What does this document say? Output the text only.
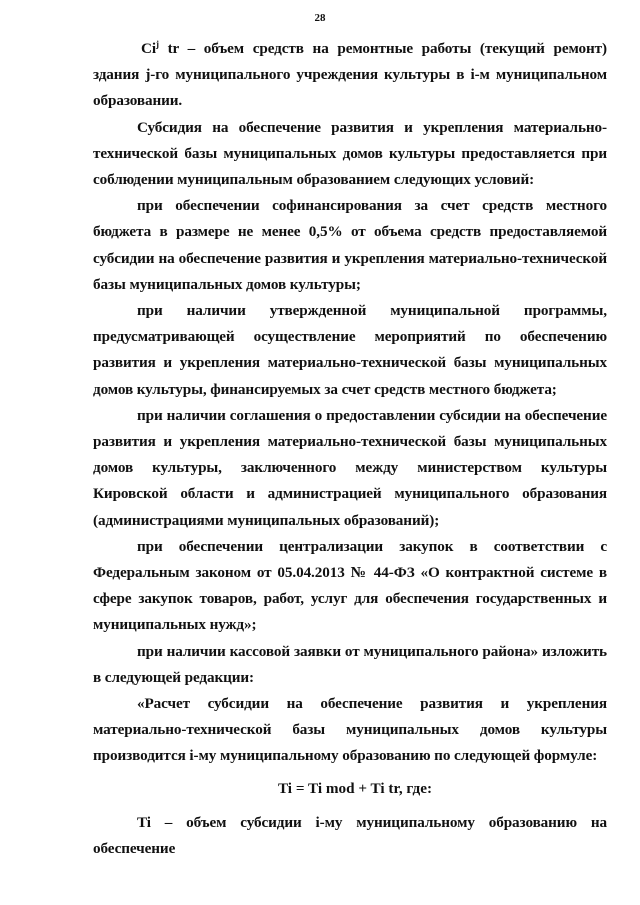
28

Ci$^j$ tr – объем средств на ремонтные работы (текущий ремонт) здания j-го муниципального учреждения культуры в i-м муниципальном образовании.

Субсидия на обеспечение развития и укрепления материально-технической базы муниципальных домов культуры предоставляется при соблюдении муниципальным образованием следующих условий:

при обеспечении софинансирования за счет средств местного бюджета в размере не менее 0,5% от объема средств предоставляемой субсидии на обеспечение развития и укрепления материально-технической базы муниципальных домов культуры;

при наличии утвержденной муниципальной программы, предусматривающей осуществление мероприятий по обеспечению развития и укрепления материально-технической базы муниципальных домов культуры, финансируемых за счет средств местного бюджета;

при наличии соглашения о предоставлении субсидии на обеспечение развития и укрепления материально-технической базы муниципальных домов культуры, заключенного между министерством культуры Кировской области и администрацией муниципального образования (администрациями муниципальных образований);

при обеспечении централизации закупок в соответствии с Федеральным законом от 05.04.2013 № 44-ФЗ «О контрактной системе в сфере закупок товаров, работ, услуг для обеспечения государственных и муниципальных нужд»;

при наличии кассовой заявки от муниципального района» изложить в следующей редакции:

«Расчет субсидии на обеспечение развития и укрепления материально-технической базы муниципальных домов культуры производится i-му муниципальному образованию по следующей формуле:

Ti = Ti mod + Ti tr, где:

Ti – объем субсидии i-му муниципальному образованию на обеспечение
